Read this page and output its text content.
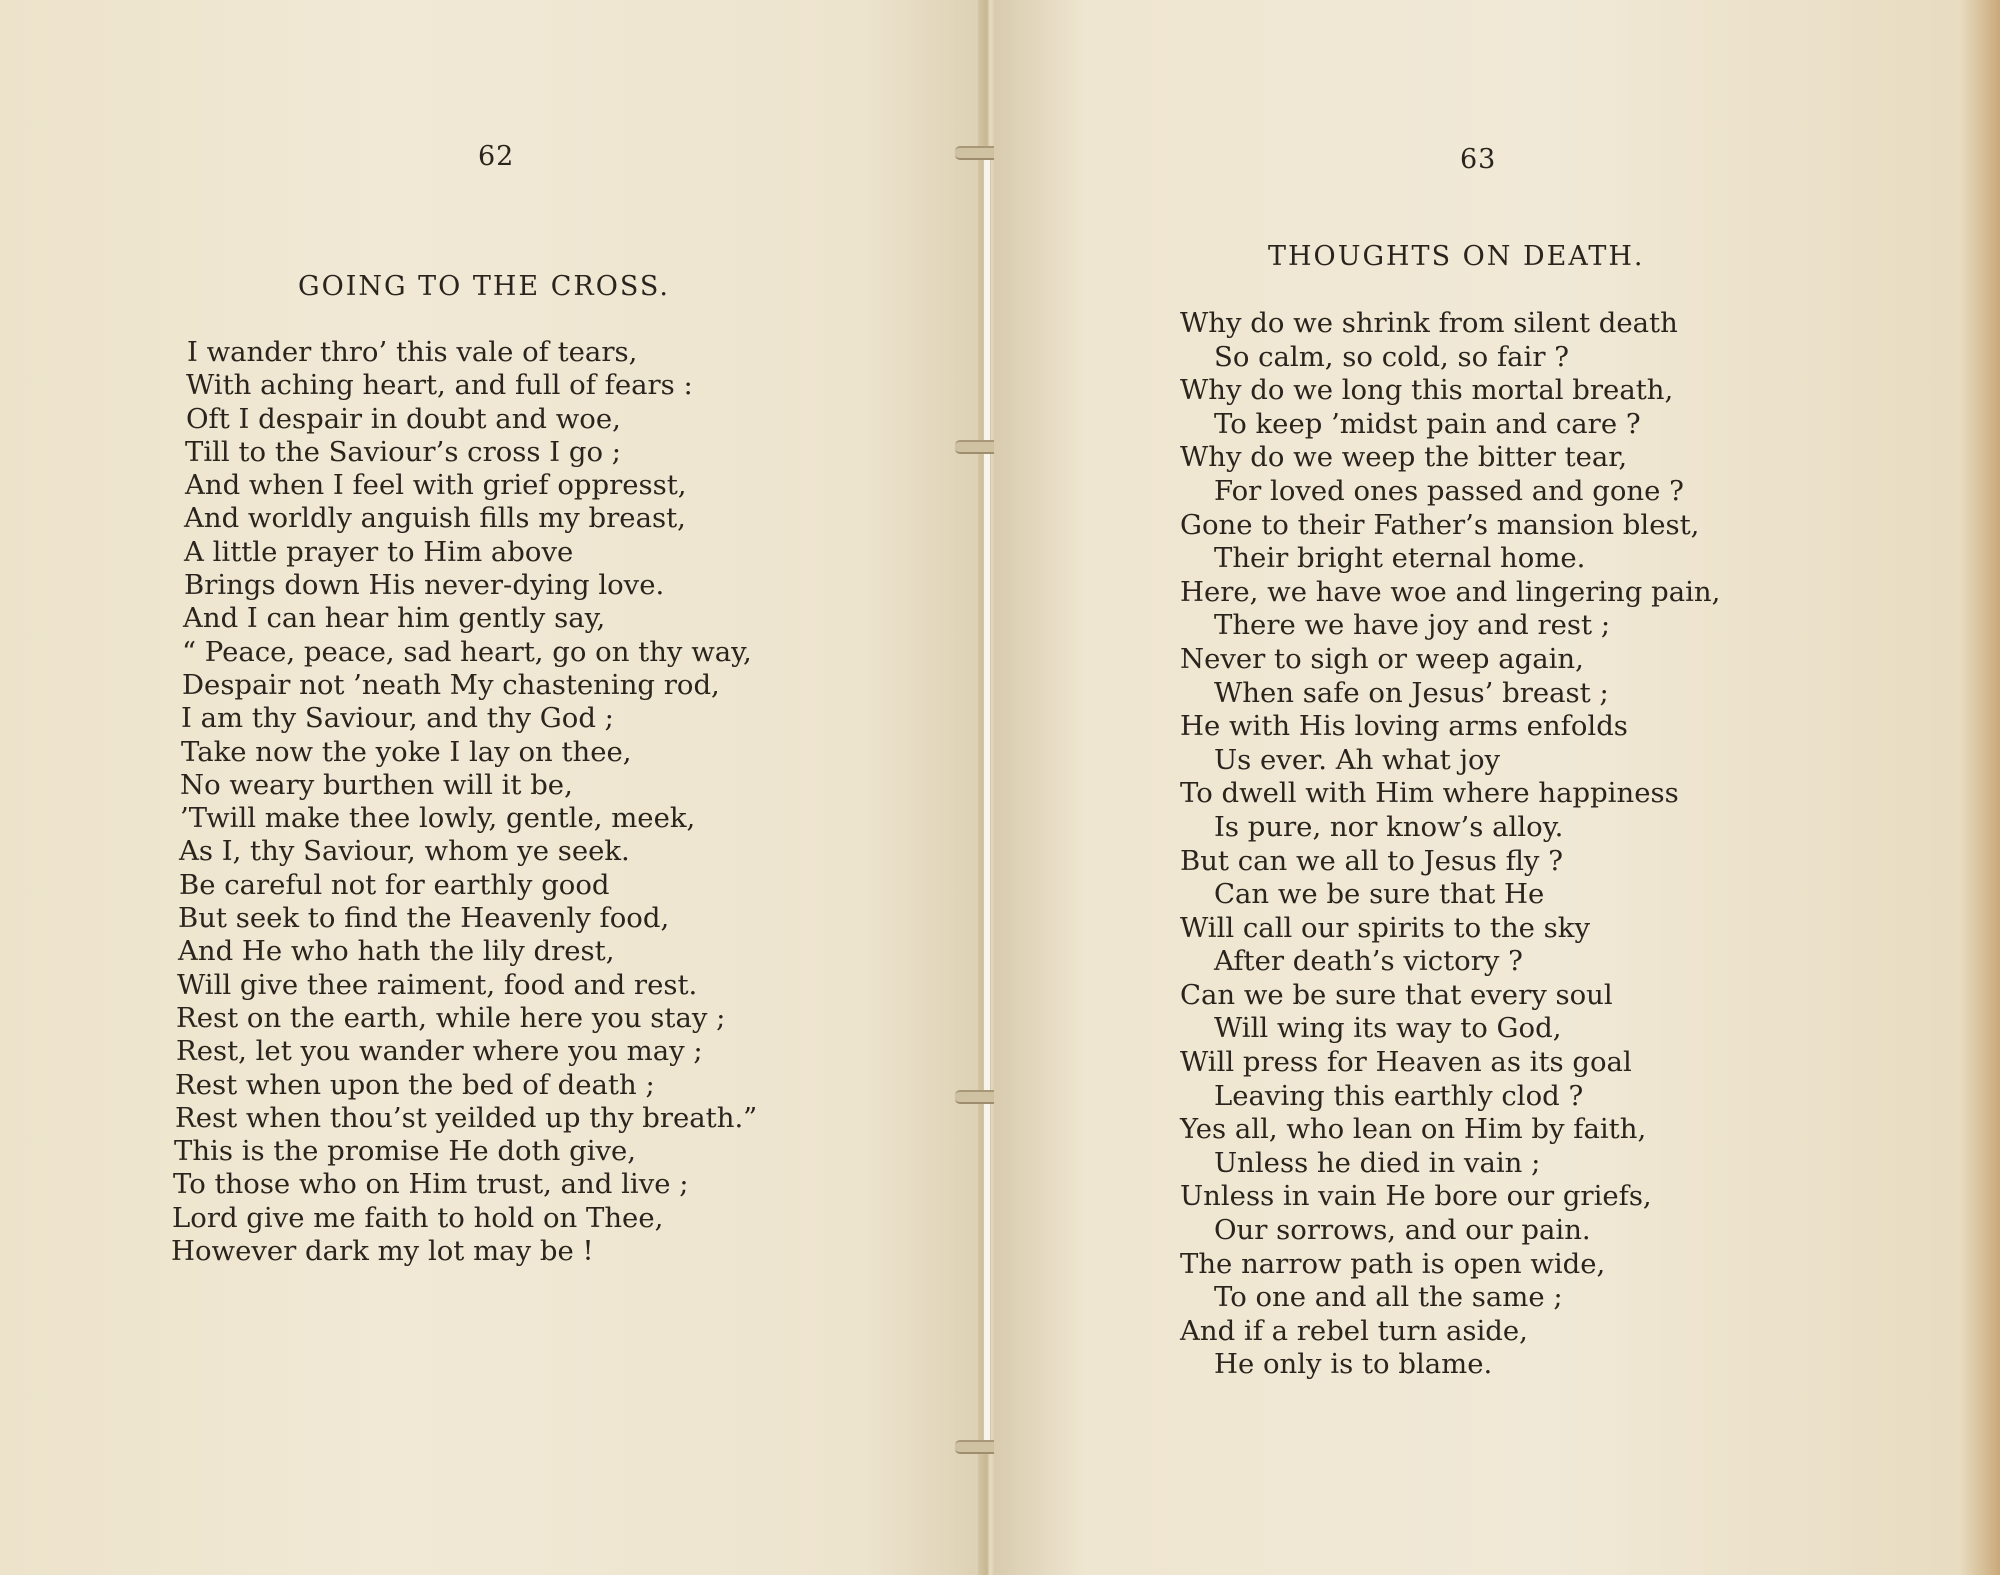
62
GOING TO THE CROSS.
I wander thro’ this vale of tears,
With aching heart, and full of fears :
Oft I despair in doubt and woe,
Till to the Saviour’s cross I go ;
And when I feel with grief oppresst,
And worldly anguish fills my breast,
A little prayer to Him above
Brings down His never-dying love.
And I can hear him gently say,
“ Peace, peace, sad heart, go on thy way,
Despair not ’neath My chastening rod,
I am thy Saviour, and thy God ;
Take now the yoke I lay on thee,
No weary burthen will it be,
’Twill make thee lowly, gentle, meek,
As I, thy Saviour, whom ye seek.
Be careful not for earthly good
But seek to find the Heavenly food,
And He who hath the lily drest,
Will give thee raiment, food and rest.
Rest on the earth, while here you stay ;
Rest, let you wander where you may ;
Rest when upon the bed of death ;
Rest when thou’st yeilded up thy breath.”
This is the promise He doth give,
To those who on Him trust, and live ;
Lord give me faith to hold on Thee,
However dark my lot may be !
63
THOUGHTS ON DEATH.
Why do we shrink from silent death
So calm, so cold, so fair ?
Why do we long this mortal breath,
To keep ’midst pain and care ?
Why do we weep the bitter tear,
For loved ones passed and gone ?
Gone to their Father’s mansion blest,
Their bright eternal home.
Here, we have woe and lingering pain,
There we have joy and rest ;
Never to sigh or weep again,
When safe on Jesus’ breast ;
He with His loving arms enfolds
Us ever. Ah what joy
To dwell with Him where happiness
Is pure, nor know’s alloy.
But can we all to Jesus fly ?
Can we be sure that He
Will call our spirits to the sky
After death’s victory ?
Can we be sure that every soul
Will wing its way to God,
Will press for Heaven as its goal
Leaving this earthly clod ?
Yes all, who lean on Him by faith,
Unless he died in vain ;
Unless in vain He bore our griefs,
Our sorrows, and our pain.
The narrow path is open wide,
To one and all the same ;
And if a rebel turn aside,
He only is to blame.
